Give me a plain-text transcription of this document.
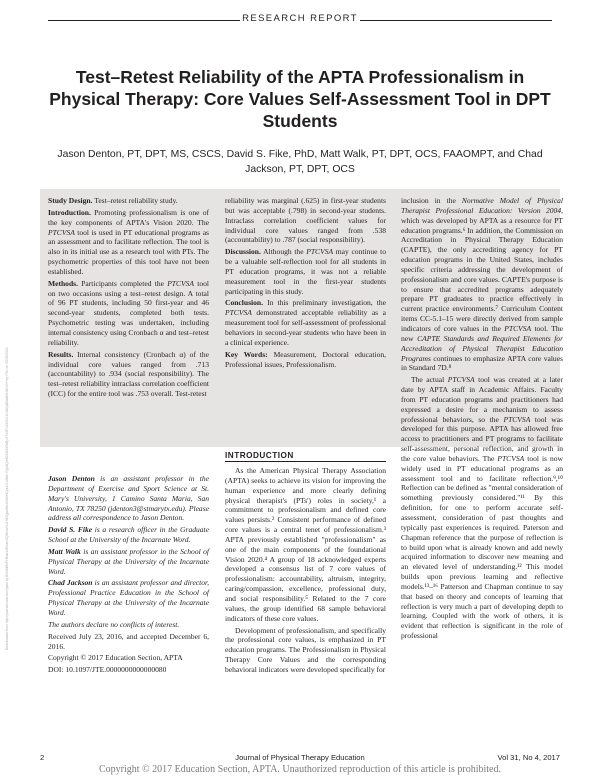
RESEARCH REPORT
Downloaded from http://journals.lww.com/jopte by BhDMf5ePHKav1zEoum1tQfN4a+kJLhEZgbsIHo4XMi0hCywCX1AWnYQp/IlQrHD3i3D0OdRyi7TvSFl4Cf3VC4/OAVpDDa8KKGKV0Ymy+78= on 03/29/2024
Test–Retest Reliability of the APTA Professionalism in Physical Therapy: Core Values Self-Assessment Tool in DPT Students
Jason Denton, PT, DPT, MS, CSCS, David S. Fike, PhD, Matt Walk, PT, DPT, OCS, FAAOMPT, and Chad Jackson, PT, DPT, OCS

Study Design. Test–retest reliability study.

Introduction. Promoting professionalism is one of the key components of APTA's Vision 2020. The PTCVSA tool is used in PT educational programs as an assessment and to facilitate reflection. The tool is also in its initial use as a research tool with PTs. The psychometric properties of this tool have not been established.

Methods. Participants completed the PTCVSA tool on two occasions using a test–retest design. A total of 96 PT students, including 50 first-year and 46 second-year students, completed both tests. Psychometric testing was undertaken, including internal consistency using Cronbach α and test–retest reliability.

Results. Internal consistency (Cronbach α) of the individual core values ranged from .713 (accountability) to .934 (social responsibility). The test–retest reliability intraclass correlation coefficient (ICC) for the entire tool was .753 overall. Test-retest

reliability was marginal (.625) in first-year students but was acceptable (.798) in second-year students. Intraclass correlation coefficient values for individual core values ranged from .538 (accountability) to .787 (social responsibility).

Discussion. Although the PTCVSA may continue to be a valuable self-reflection tool for all students in PT education programs, it was not a reliable measurement tool in the first-year students participating in this study.

Conclusion. In this preliminary investigation, the PTCVSA demonstrated acceptable reliability as a measurement tool for self-assessment of professional behaviors in second-year students who have been in a clinical experience.

Key Words: Measurement, Doctoral education, Professional issues, Professionalism.

Jason Denton is an assistant professor in the Department of Exercise and Sport Science at St. Mary's University, 1 Camino Santa Maria, San Antonio, TX 78250 (jdenton3@stmarytx.edu). Please address all correspondence to Jason Denton.

David S. Fike is a research officer in the Graduate School at the University of the Incarnate Word.

Matt Walk is an assistant professor in the School of Physical Therapy at the University of the Incarnate Word.

Chad Jackson is an assistant professor and director, Professional Practice Education in the School of Physical Therapy at the University of the Incarnate Word.

The authors declare no conflicts of interest.

Received July 23, 2016, and accepted December 6, 2016.

Copyright © 2017 Education Section, APTA

DOI: 10.1097/JTE.0000000000000080

INTRODUCTION

As the American Physical Therapy Association (APTA) seeks to achieve its vision for improving the human experience and more clearly defining physical therapist's (PTs') roles in society,¹ a commitment to professionalism and defined core values persists.² Consistent performance of defined core values is a central tenet of professionalism.³ APTA previously established "professionalism" as one of the main components of the foundational Vision 2020.⁴ A group of 18 acknowledged experts developed a consensus list of 7 core values of professionalism: accountability, altruism, integrity, caring/compassion, excellence, professional duty, and social responsibility.⁵ Related to the 7 core values, the group identified 68 sample behavioral indicators of these core values.

Development of professionalism, and specifically the professional core values, is emphasized in PT education programs. The Professionalism in Physical Therapy Core Values and the corresponding behavioral indicators were developed specifically for

inclusion in the Normative Model of Physical Therapist Professional Education: Version 2004, which was developed by APTA as a resource for PT education programs.⁶ In addition, the Commission on Accreditation in Physical Therapy Education (CAPTE), the only accrediting agency for PT education programs in the United States, includes specific criteria addressing the development of professionalism and core values. CAPTE's purpose is to ensure that accredited programs adequately prepare PT graduates to practice effectively in current practice environments.⁷ Curriculum Content items CC-5.1–15 were directly derived from sample indicators of core values in the PTCVSA tool. The new CAPTE Standards and Required Elements for Accreditation of Physical Therapist Education Programs continues to emphasize APTA core values in Standard 7D.⁸

The actual PTCVSA tool was created at a later date by APTA staff in Academic Affairs. Faculty from PT education programs and practitioners had expressed a desire for a mechanism to assess professional behaviors, so the PTCVSA tool was developed for this purpose. APTA has allowed free access to practitioners and PT programs to facilitate self-assessment, personal reflection, and growth in the core value behaviors. The PTCVSA tool is now widely used in PT educational programs as an assessment tool and to facilitate reflection.⁹,¹⁰ Reflection can be defined as "mental consideration of something previously considered."¹¹ By this definition, for one to perform accurate self-assessment, consideration of past thoughts and typically past experiences is required. Paterson and Chapman reference that the purpose of reflection is to build upon what is already known and add newly acquired information to discover new meaning and an elevated level of understanding.¹² This model builds upon previous learning and reflective models.¹³–¹⁶ Patterson and Chapman continue to say that based on theory and concepts of learning that reflection is very much a part of developing depth to learning. Coupled with the work of others, it is evident that reflection is significant in the role of professional

2	Journal of Physical Therapy Education	Vol 31, No 4, 2017
Copyright © 2017 Education Section, APTA. Unauthorized reproduction of this article is prohibited.
